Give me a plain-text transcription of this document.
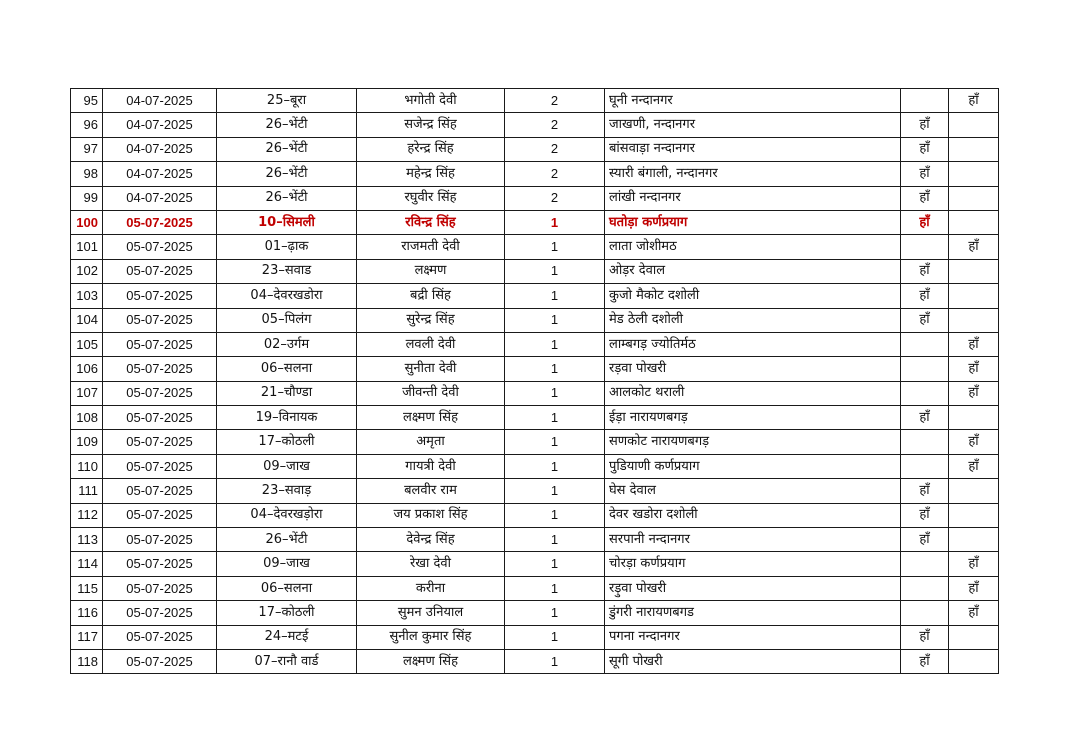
95	04-07-2025	25–बूरा	भगोती देवी	2	घूनी नन्दानगर		हाँ
96	04-07-2025	26–भेंटी	सजेन्द्र सिंह	2	जाखणी, नन्दानगर	हाँ	
97	04-07-2025	26–भेंटी	हरेन्द्र सिंह	2	बांसवाड़ा नन्दानगर	हाँ	
98	04-07-2025	26–भेंटी	महेन्द्र सिंह	2	स्यारी बंगाली, नन्दानगर	हाँ	
99	04-07-2025	26–भेंटी	रघुवीर सिंह	2	लांखी नन्दानगर	हाँ	
100	05-07-2025	10–सिमली	रविन्द्र सिंह	1	घतोड़ा कर्णप्रयाग	हाँ	
101	05-07-2025	01–ढ़ाक	राजमती देवी	1	लाता जोशीमठ		हाँ
102	05-07-2025	23–सवाड	लक्ष्मण	1	ओड़र देवाल	हाँ	
103	05-07-2025	04–देवरखडोरा	बद्री सिंह	1	कुजो मैकोट दशोली	हाँ	
104	05-07-2025	05–पिलंग	सुरेन्द्र सिंह	1	मेड ठेली दशोली	हाँ	
105	05-07-2025	02–उर्गम	लवली देवी	1	लाम्बगड़ ज्योतिर्मठ		हाँ
106	05-07-2025	06–सलना	सुनीता देवी	1	रड़वा पोखरी		हाँ
107	05-07-2025	21–चौण्डा	जीवन्ती देवी	1	आलकोट थराली		हाँ
108	05-07-2025	19–विनायक	लक्ष्मण सिंह	1	ईड़ा नारायणबगड़	हाँ	
109	05-07-2025	17–कोठली	अमृता	1	सणकोट नारायणबगड़		हाँ
110	05-07-2025	09–जाख	गायत्री देवी	1	पुडियाणी कर्णप्रयाग		हाँ
111	05-07-2025	23–सवाड़	बलवीर राम	1	घेस देवाल	हाँ	
112	05-07-2025	04–देवरखड़ोरा	जय प्रकाश सिंह	1	देवर खडोरा दशोली	हाँ	
113	05-07-2025	26–भेंटी	देवेन्द्र सिंह	1	सरपानी नन्दानगर	हाँ	
114	05-07-2025	09–जाख	रेखा देवी	1	चोरड़ा कर्णप्रयाग		हाँ
115	05-07-2025	06–सलना	करीना	1	रड़ुवा पोखरी		हाँ
116	05-07-2025	17–कोठली	सुमन उनियाल	1	डुंगरी नारायणबगड		हाँ
117	05-07-2025	24–मटई	सुनील कुमार सिंह	1	पगना नन्दानगर	हाँ	
118	05-07-2025	07–रानौ वार्ड	लक्ष्मण सिंह	1	सूगी पोखरी	हाँ	
